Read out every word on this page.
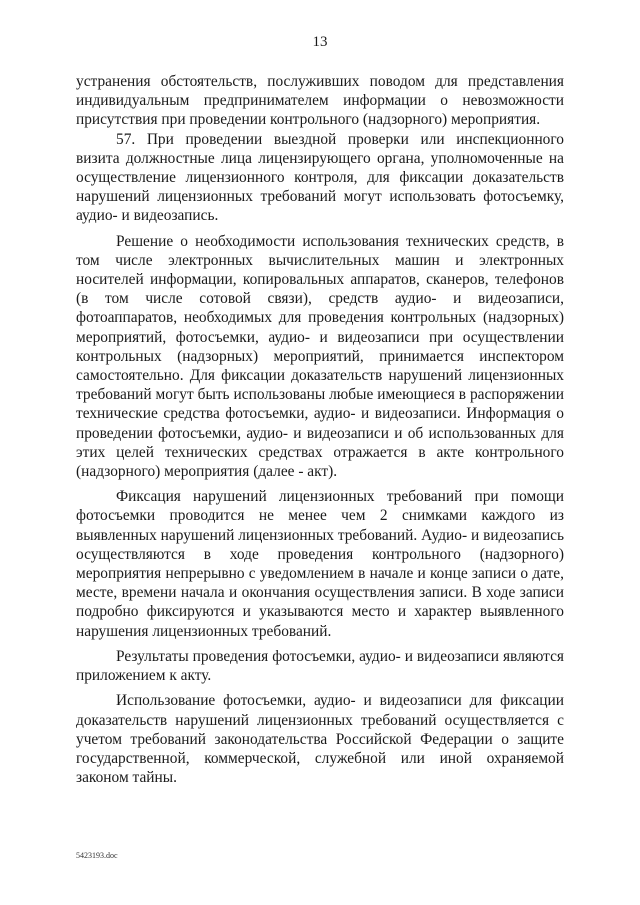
13

устранения обстоятельств, послуживших поводом для представления индивидуальным предпринимателем информации о невозможности присутствия при проведении контрольного (надзорного) мероприятия.

57. При проведении выездной проверки или инспекционного визита должностные лица лицензирующего органа, уполномоченные на осуществление лицензионного контроля, для фиксации доказательств нарушений лицензионных требований могут использовать фотосъемку, аудио- и видеозапись.

Решение о необходимости использования технических средств, в том числе электронных вычислительных машин и электронных носителей информации, копировальных аппаратов, сканеров, телефонов (в том числе сотовой связи), средств аудио- и видеозаписи, фотоаппаратов, необходимых для проведения контрольных (надзорных) мероприятий, фотосъемки, аудио- и видеозаписи при осуществлении контрольных (надзорных) мероприятий, принимается инспектором самостоятельно. Для фиксации доказательств нарушений лицензионных требований могут быть использованы любые имеющиеся в распоряжении технические средства фотосъемки, аудио- и видеозаписи. Информация о проведении фотосъемки, аудио- и видеозаписи и об использованных для этих целей технических средствах отражается в акте контрольного (надзорного) мероприятия (далее - акт).

Фиксация нарушений лицензионных требований при помощи фотосъемки проводится не менее чем 2 снимками каждого из выявленных нарушений лицензионных требований. Аудио- и видеозапись осуществляются в ходе проведения контрольного (надзорного) мероприятия непрерывно с уведомлением в начале и конце записи о дате, месте, времени начала и окончания осуществления записи. В ходе записи подробно фиксируются и указываются место и характер выявленного нарушения лицензионных требований.

Результаты проведения фотосъемки, аудио- и видеозаписи являются приложением к акту.

Использование фотосъемки, аудио- и видеозаписи для фиксации доказательств нарушений лицензионных требований осуществляется с учетом требований законодательства Российской Федерации о защите государственной, коммерческой, служебной или иной охраняемой законом тайны.

5423193.doc
